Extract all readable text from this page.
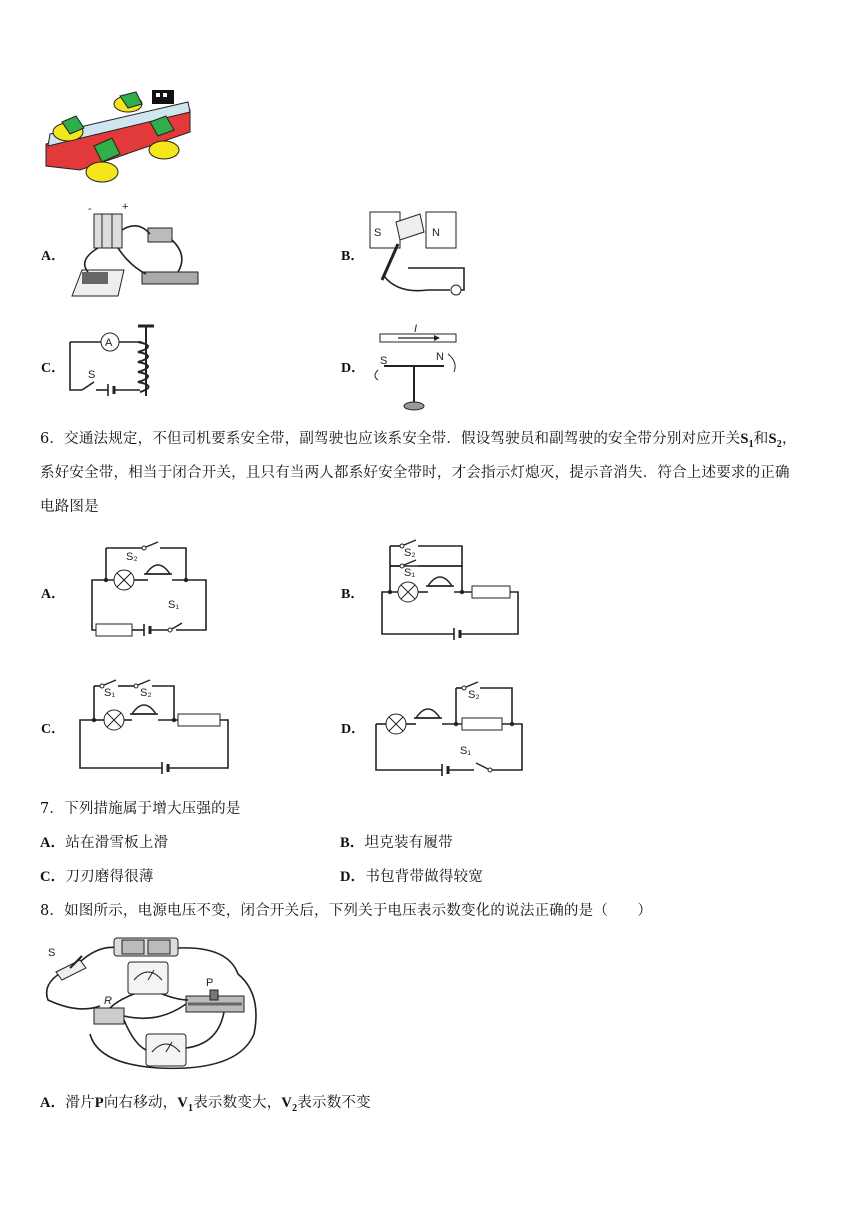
A．
-	+
B．
S	N
C．
A
S	D．
I
S	N
6．交通法规定，不但司机要系安全带，副驾驶也应该系安全带．假设驾驶员和副驾驶的安全带分别对应开关$S_1$和$S_2$，
系好安全带，相当于闭合开关，且只有当两人都系好安全带时，才会指示灯熄灭，提示音消失．符合上述要求的正确
电路图是
A．
S₂
S₁
B．
S₂
S₁
C．
S₁ S₂
D．
S₂
S₁
7．下列措施属于增大压强的是
A．站在滑雪板上滑	B．坦克装有履带
C．刀刃磨得很薄	D．书包背带做得较宽
8．如图所示，电源电压不变，闭合开关后，下列关于电压表示数变化的说法正确的是（　　）
S
R
P
A．滑片P向右移动，$V_1$表示数变大，$V_2$表示数不变
